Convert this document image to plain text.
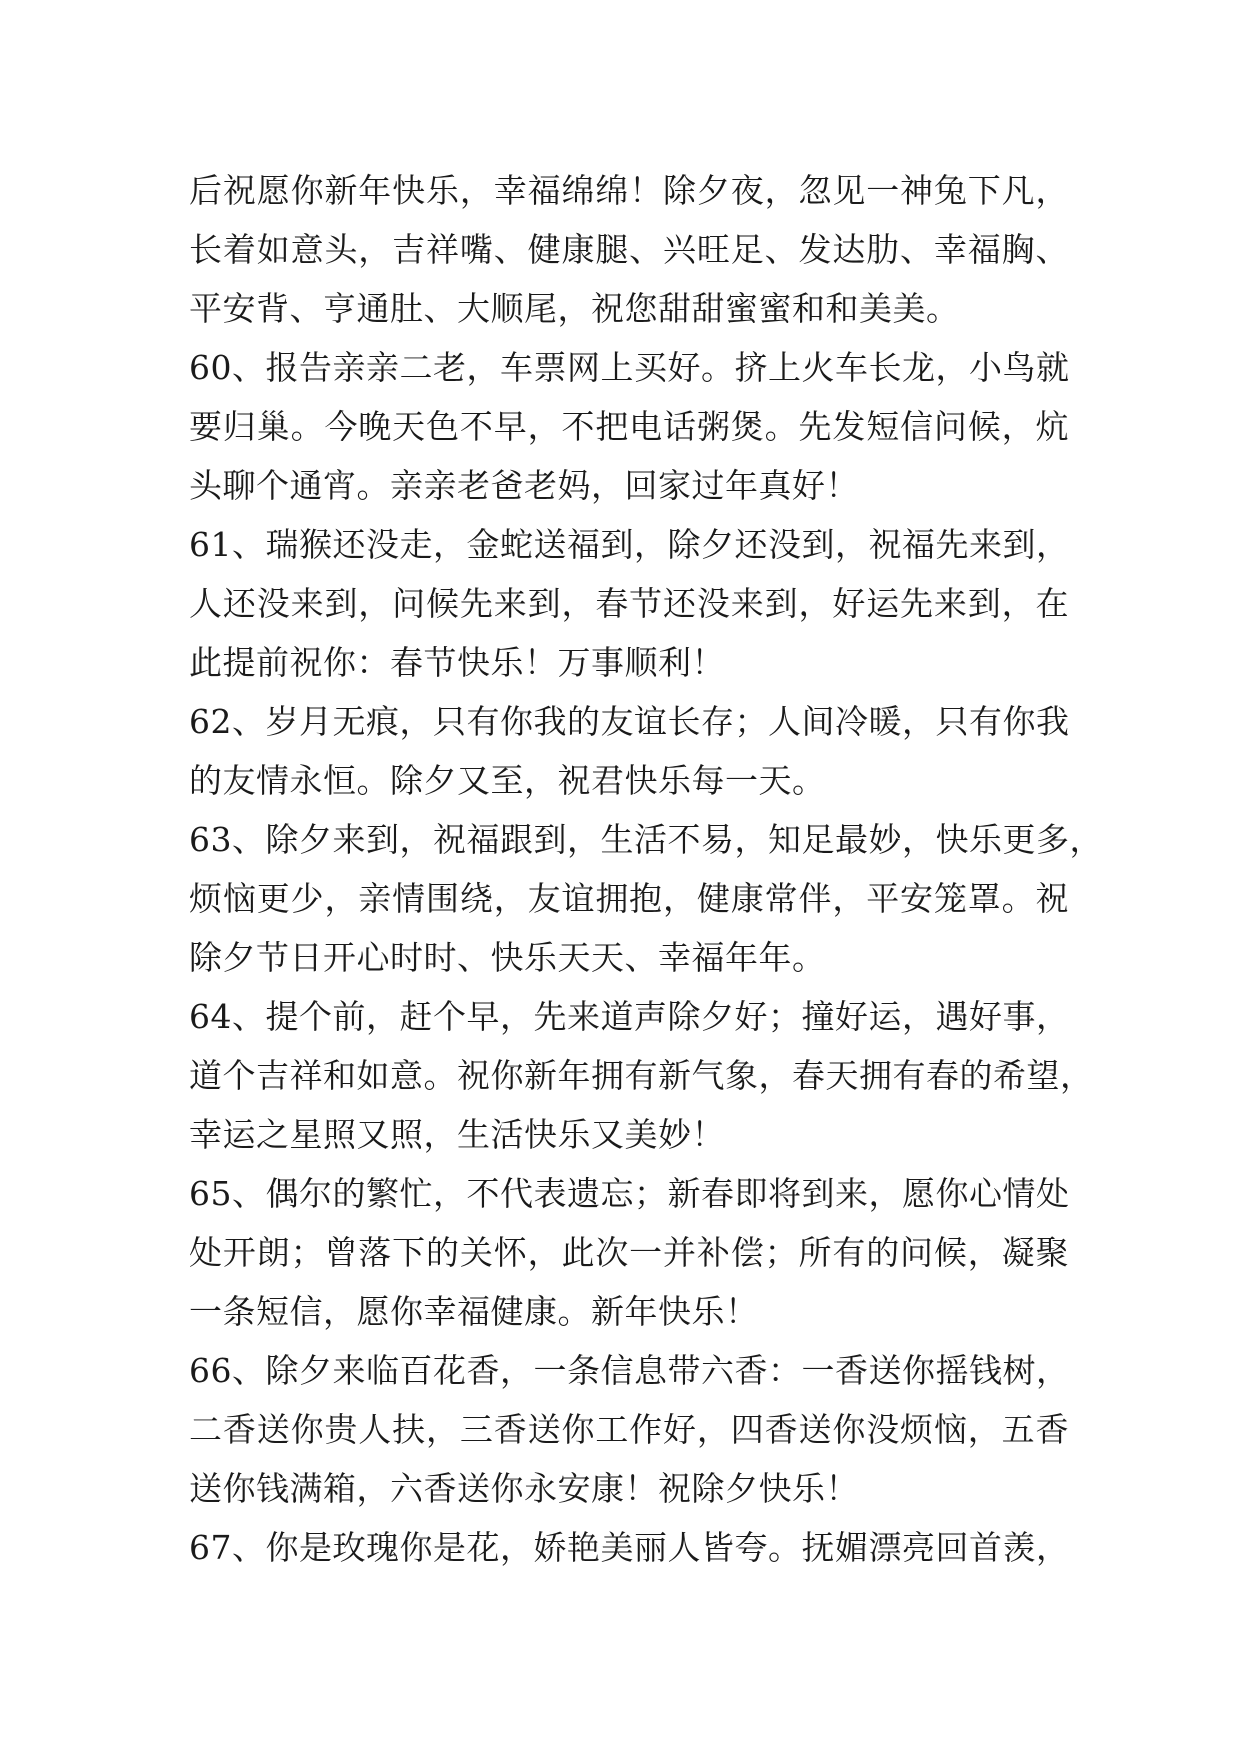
后祝愿你新年快乐，幸福绵绵！除夕夜，忽见一神兔下凡，
长着如意头，吉祥嘴、健康腿、兴旺足、发达肋、幸福胸、
平安背、亨通肚、大顺尾，祝您甜甜蜜蜜和和美美。
60、报告亲亲二老，车票网上买好。挤上火车长龙，小鸟就
要归巢。今晚天色不早，不把电话粥煲。先发短信问候，炕
头聊个通宵。亲亲老爸老妈，回家过年真好！
61、瑞猴还没走，金蛇送福到，除夕还没到，祝福先来到，
人还没来到，问候先来到，春节还没来到，好运先来到，在
此提前祝你：春节快乐！万事顺利！
62、岁月无痕，只有你我的友谊长存；人间冷暖，只有你我
的友情永恒。除夕又至，祝君快乐每一天。
63、除夕来到，祝福跟到，生活不易，知足最妙，快乐更多，
烦恼更少，亲情围绕，友谊拥抱，健康常伴，平安笼罩。祝
除夕节日开心时时、快乐天天、幸福年年。
64、提个前，赶个早，先来道声除夕好；撞好运，遇好事，
道个吉祥和如意。祝你新年拥有新气象，春天拥有春的希望，
幸运之星照又照，生活快乐又美妙！
65、偶尔的繁忙，不代表遗忘；新春即将到来，愿你心情处
处开朗；曾落下的关怀，此次一并补偿；所有的问候，凝聚
一条短信，愿你幸福健康。新年快乐！
66、除夕来临百花香，一条信息带六香：一香送你摇钱树，
二香送你贵人扶，三香送你工作好，四香送你没烦恼，五香
送你钱满箱，六香送你永安康！祝除夕快乐！
67、你是玫瑰你是花，娇艳美丽人皆夸。抚媚漂亮回首羡，
